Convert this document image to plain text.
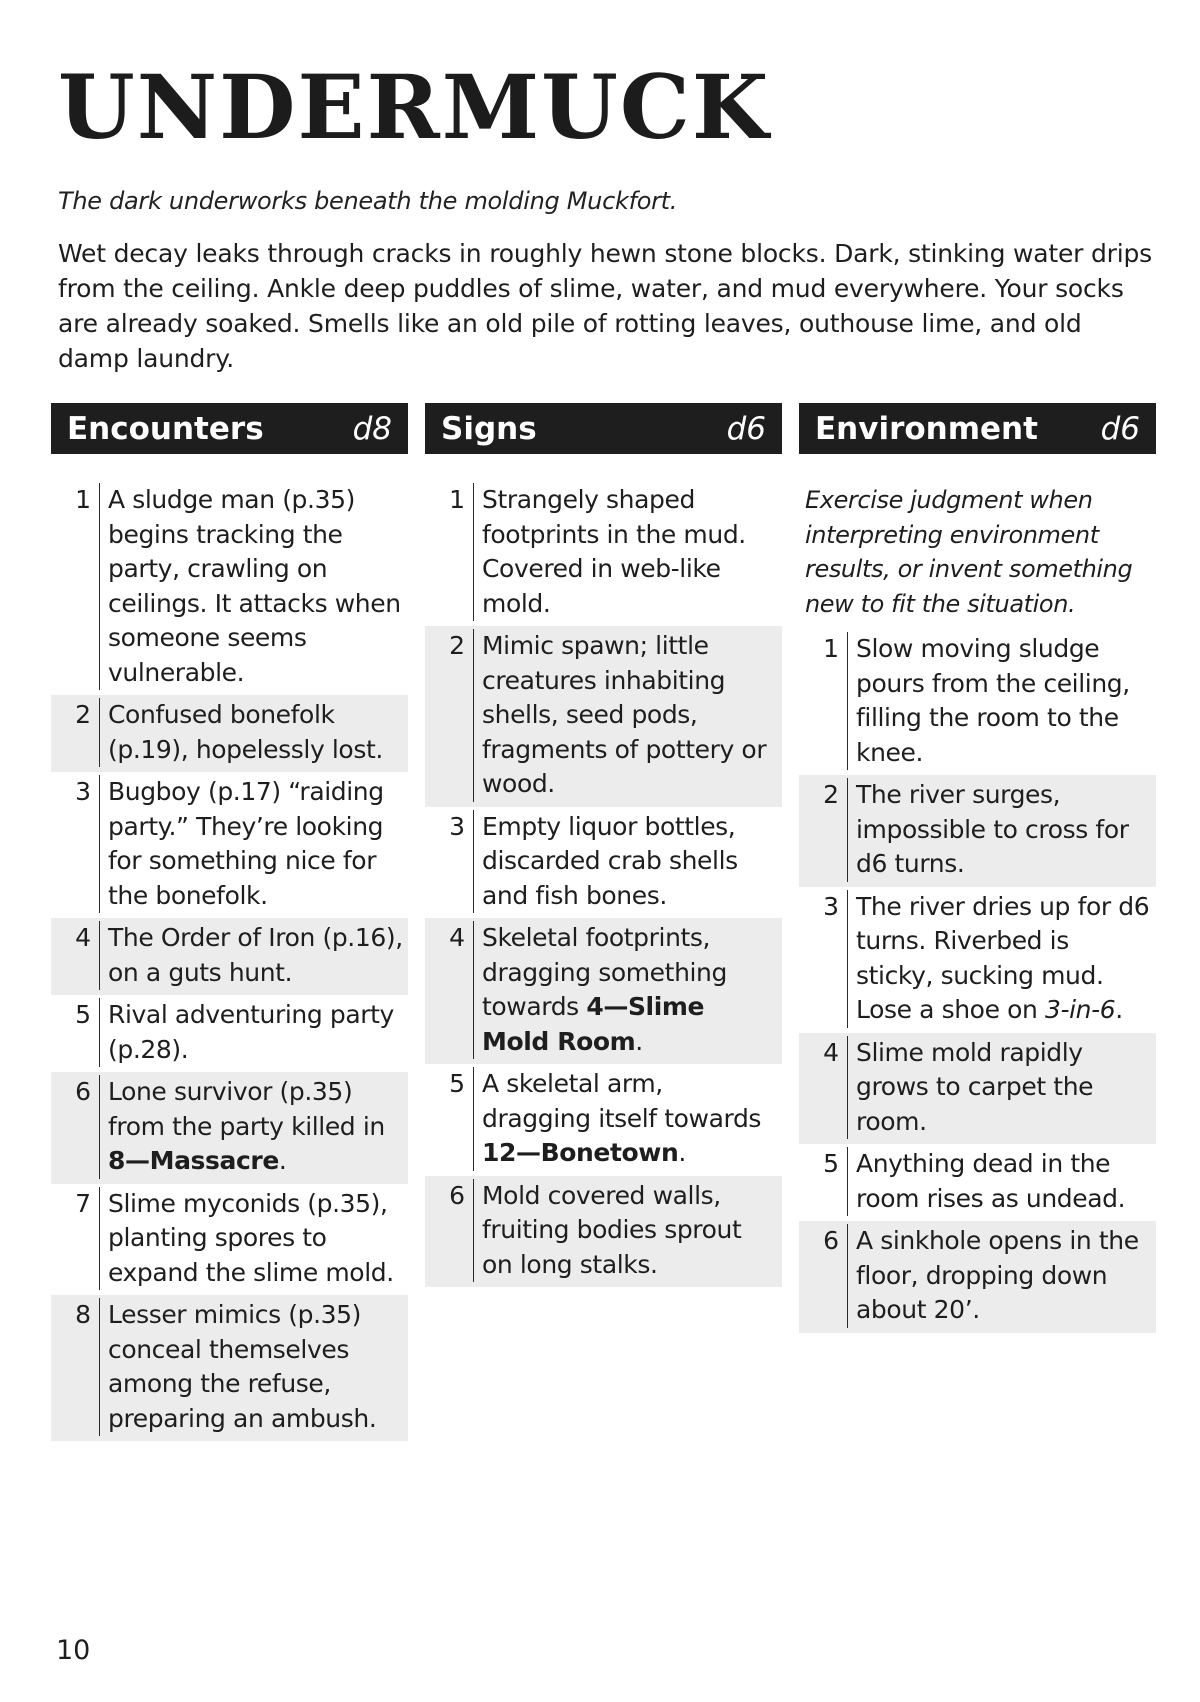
UNDERMUCK

The dark underworks beneath the molding Muckfort.

Wet decay leaks through cracks in roughly hewn stone blocks. Dark, stinking water drips from the ceiling. Ankle deep puddles of slime, water, and mud everywhere. Your socks are already soaked. Smells like an old pile of rotting leaves, outhouse lime, and old damp laundry.

Encounters	d8
1 A sludge man (p.35) begins tracking the party, crawling on ceilings. It attacks when someone seems vulnerable.
2 Confused bonefolk (p.19), hopelessly lost.
3 Bugboy (p.17) “raiding party.” They’re looking for something nice for the bonefolk.
4 The Order of Iron (p.16), on a guts hunt.
5 Rival adventuring party (p.28).
6 Lone survivor (p.35) from the party killed in 8—Massacre.
7 Slime myconids (p.35), planting spores to expand the slime mold.
8 Lesser mimics (p.35) conceal themselves among the refuse, preparing an ambush.
Signs	d6
1 Strangely shaped footprints in the mud. Covered in web-like mold.
2 Mimic spawn; little creatures inhabiting shells, seed pods, fragments of pottery or wood.
3 Empty liquor bottles, discarded crab shells and fish bones.
4 Skeletal footprints, dragging something towards 4—Slime Mold Room.
5 A skeletal arm, dragging itself towards 12—Bonetown.
6 Mold covered walls, fruiting bodies sprout on long stalks.
Environment d6
Exercise judgment when interpreting environment results, or invent something new to fit the situation.
1 Slow moving sludge pours from the ceiling, filling the room to the knee.
2 The river surges, impossible to cross for d6 turns.
3 The river dries up for d6 turns. Riverbed is sticky, sucking mud. Lose a shoe on 3-in-6.
4 Slime mold rapidly grows to carpet the room.
5 Anything dead in the room rises as undead.
6 A sinkhole opens in the floor, dropping down about 20’.
10
